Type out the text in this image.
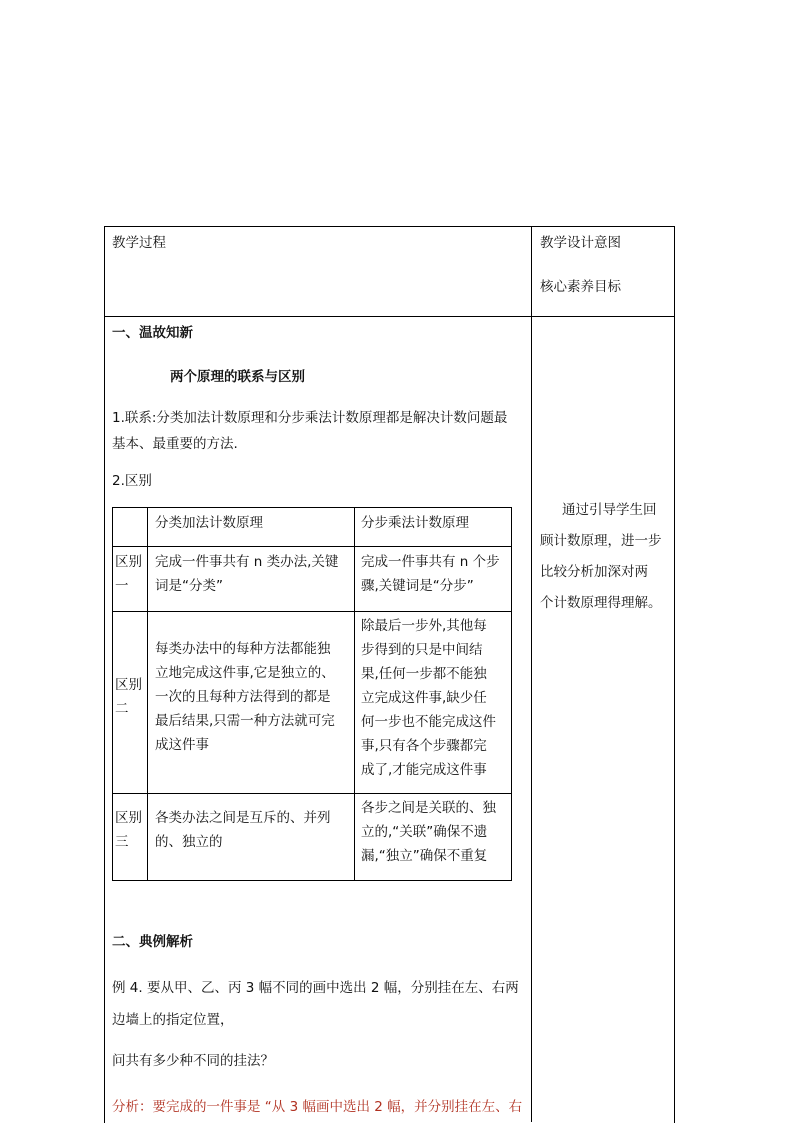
教学过程	教学设计意图
核心素养目标
一、温故知新
两个原理的联系与区别
1.联系:分类加法计数原理和分步乘法计数原理都是解决计数问题最
基本、最重要的方法.
2.区别
分类加法计数原理	分步乘法计数原理
区别
一
完成一件事共有 n 类办法,关键
词是“分类”
完成一件事共有 n 个步
骤,关键词是“分步”
区别
二
每类办法中的每种方法都能独
立地完成这件事,它是独立的、
一次的且每种方法得到的都是
最后结果,只需一种方法就可完
成这件事
除最后一步外,其他每
步得到的只是中间结
果,任何一步都不能独
立完成这件事,缺少任
何一步也不能完成这件
事,只有各个步骤都完
成了,才能完成这件事
区别
三
各类办法之间是互斥的、并列
的、独立的
各步之间是关联的、独
立的,“关联”确保不遗
漏,“独立”确保不重复
通过引导学生回
顾计数原理，进一步
比较分析加深对两
个计数原理得理解。
二、典例解析
例 4. 要从甲、乙、丙 3 幅不同的画中选出 2 幅，分别挂在左、右两
边墙上的指定位置，
问共有多少种不同的挂法？
分析：要完成的一件事是 “从 3 幅画中选出 2 幅，并分别挂在左、右
